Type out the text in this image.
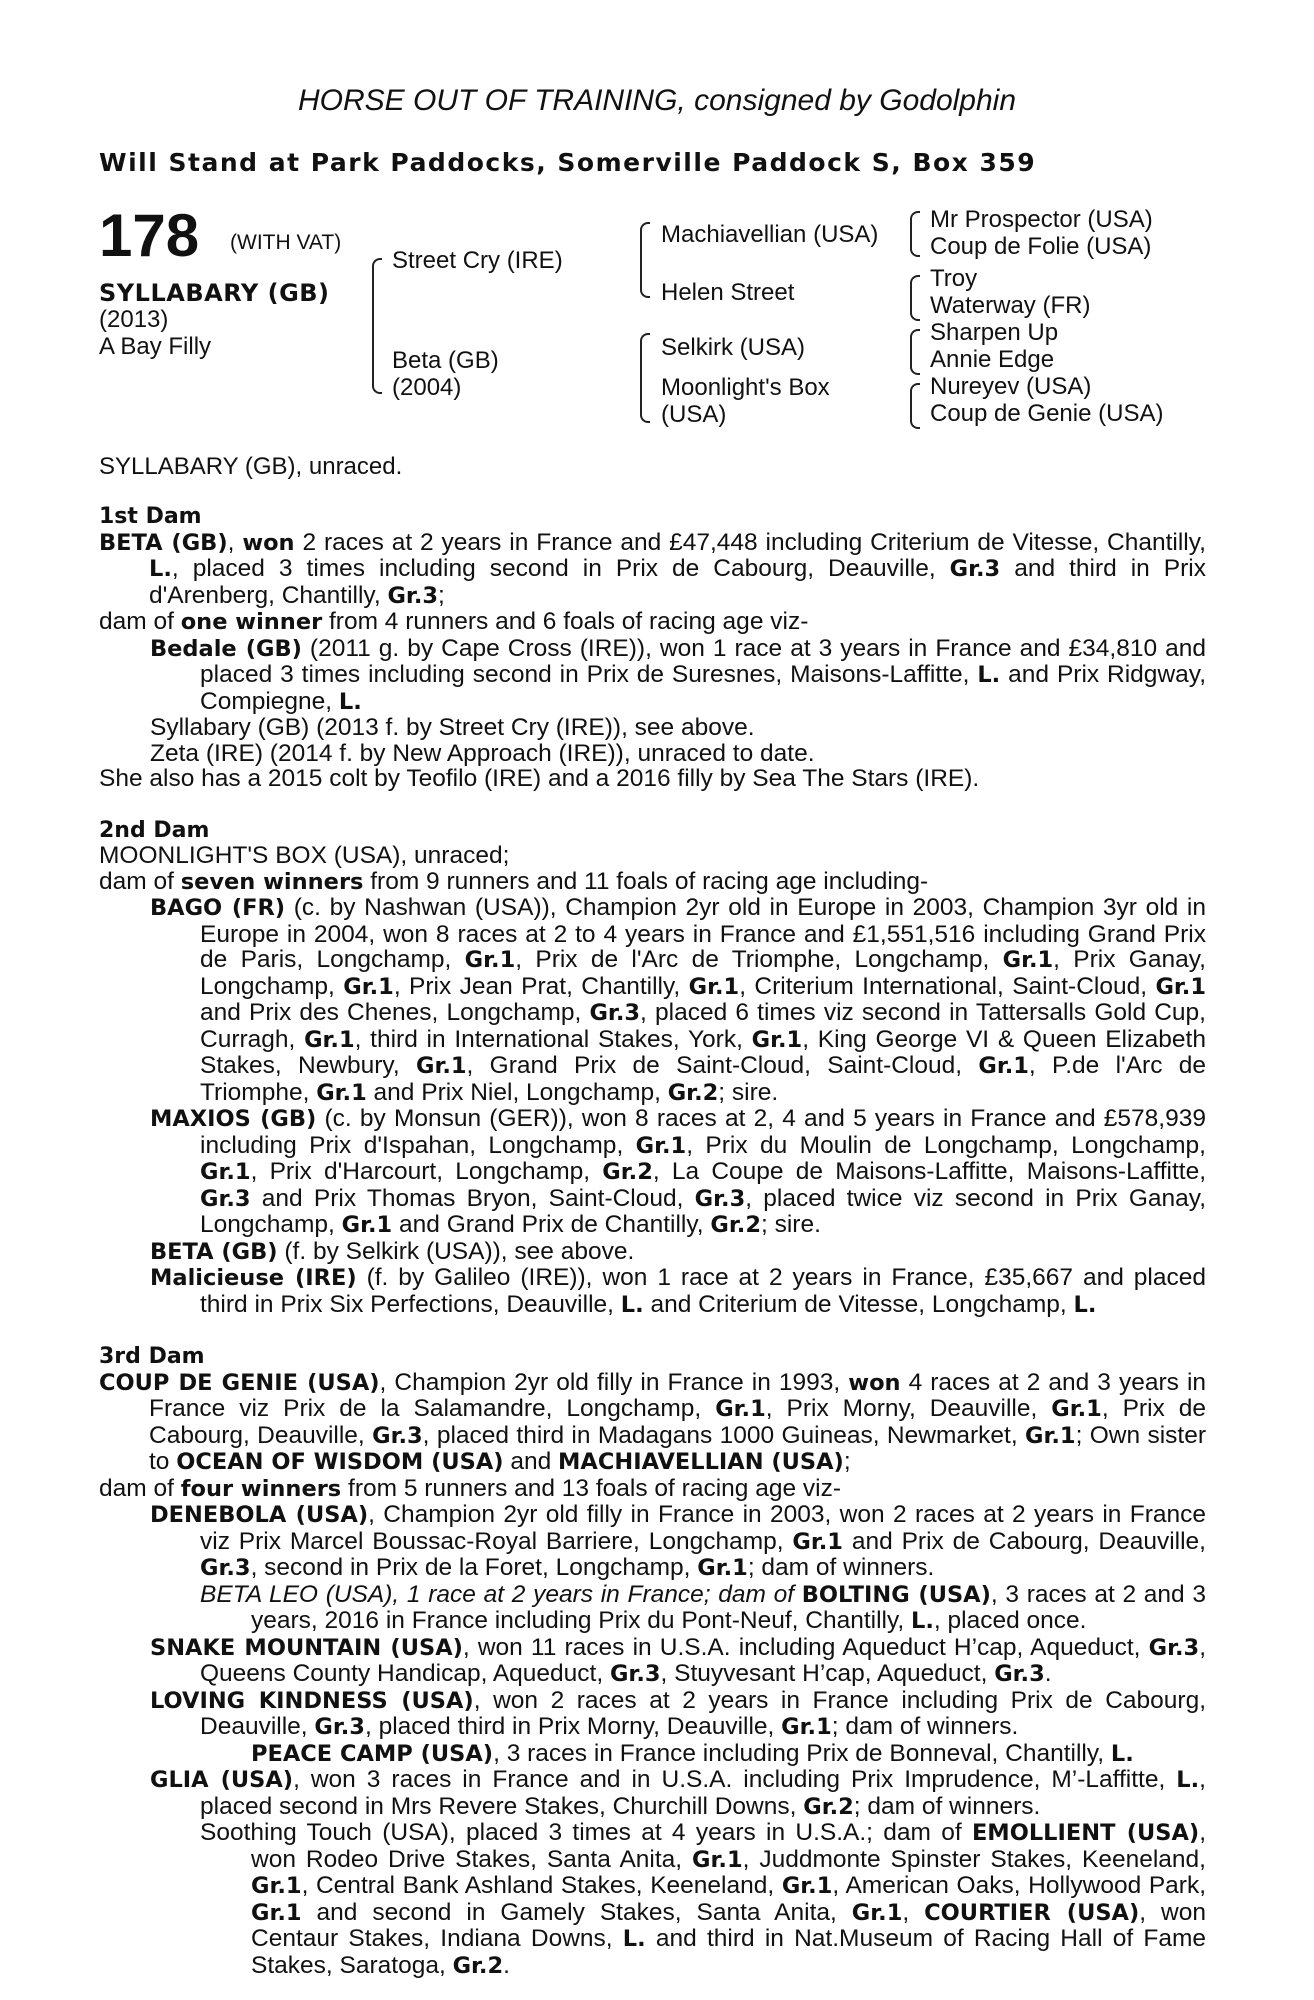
HORSE OUT OF TRAINING, consigned by Godolphin
Will Stand at Park Paddocks, Somerville Paddock S, Box 359
178 (WITH VAT)
SYLLABARY (GB)
(2013)
A Bay Filly
Street Cry (IRE)
Beta (GB)
(2004)
Machiavellian (USA)
Helen Street
Selkirk (USA)
Moonlight's Box
(USA)
Mr Prospector (USA)
Coup de Folie (USA)
Troy
Waterway (FR)
Sharpen Up
Annie Edge
Nureyev (USA)
Coup de Genie (USA)
SYLLABARY (GB), unraced.
1st Dam
BETA (GB), won 2 races at 2 years in France and £47,448 including Criterium de Vitesse, Chantilly, L., placed 3 times including second in Prix de Cabourg, Deauville, Gr.3 and third in Prix d'Arenberg, Chantilly, Gr.3;
dam of one winner from 4 runners and 6 foals of racing age viz-
Bedale (GB) (2011 g. by Cape Cross (IRE)), won 1 race at 3 years in France and £34,810 and placed 3 times including second in Prix de Suresnes, Maisons-Laffitte, L. and Prix Ridgway, Compiegne, L.
Syllabary (GB) (2013 f. by Street Cry (IRE)), see above.
Zeta (IRE) (2014 f. by New Approach (IRE)), unraced to date.
She also has a 2015 colt by Teofilo (IRE) and a 2016 filly by Sea The Stars (IRE).
2nd Dam
MOONLIGHT'S BOX (USA), unraced;
dam of seven winners from 9 runners and 11 foals of racing age including-
BAGO (FR) (c. by Nashwan (USA)), Champion 2yr old in Europe in 2003, Champion 3yr old in Europe in 2004, won 8 races at 2 to 4 years in France and £1,551,516 including Grand Prix de Paris, Longchamp, Gr.1, Prix de l'Arc de Triomphe, Longchamp, Gr.1, Prix Ganay, Longchamp, Gr.1, Prix Jean Prat, Chantilly, Gr.1, Criterium International, Saint-Cloud, Gr.1 and Prix des Chenes, Longchamp, Gr.3, placed 6 times viz second in Tattersalls Gold Cup, Curragh, Gr.1, third in International Stakes, York, Gr.1, King George VI & Queen Elizabeth Stakes, Newbury, Gr.1, Grand Prix de Saint-Cloud, Saint-Cloud, Gr.1, P.de l'Arc de Triomphe, Gr.1 and Prix Niel, Longchamp, Gr.2; sire.
MAXIOS (GB) (c. by Monsun (GER)), won 8 races at 2, 4 and 5 years in France and £578,939 including Prix d'Ispahan, Longchamp, Gr.1, Prix du Moulin de Longchamp, Longchamp, Gr.1, Prix d'Harcourt, Longchamp, Gr.2, La Coupe de Maisons-Laffitte, Maisons-Laffitte, Gr.3 and Prix Thomas Bryon, Saint-Cloud, Gr.3, placed twice viz second in Prix Ganay, Longchamp, Gr.1 and Grand Prix de Chantilly, Gr.2; sire.
BETA (GB) (f. by Selkirk (USA)), see above.
Malicieuse (IRE) (f. by Galileo (IRE)), won 1 race at 2 years in France, £35,667 and placed third in Prix Six Perfections, Deauville, L. and Criterium de Vitesse, Longchamp, L.
3rd Dam
COUP DE GENIE (USA), Champion 2yr old filly in France in 1993, won 4 races at 2 and 3 years in France viz Prix de la Salamandre, Longchamp, Gr.1, Prix Morny, Deauville, Gr.1, Prix de Cabourg, Deauville, Gr.3, placed third in Madagans 1000 Guineas, Newmarket, Gr.1; Own sister to OCEAN OF WISDOM (USA) and MACHIAVELLIAN (USA);
dam of four winners from 5 runners and 13 foals of racing age viz-
DENEBOLA (USA), Champion 2yr old filly in France in 2003, won 2 races at 2 years in France viz Prix Marcel Boussac-Royal Barriere, Longchamp, Gr.1 and Prix de Cabourg, Deauville, Gr.3, second in Prix de la Foret, Longchamp, Gr.1; dam of winners.
BETA LEO (USA), 1 race at 2 years in France; dam of BOLTING (USA), 3 races at 2 and 3 years, 2016 in France including Prix du Pont-Neuf, Chantilly, L., placed once.
SNAKE MOUNTAIN (USA), won 11 races in U.S.A. including Aqueduct H’cap, Aqueduct, Gr.3, Queens County Handicap, Aqueduct, Gr.3, Stuyvesant H’cap, Aqueduct, Gr.3.
LOVING KINDNESS (USA), won 2 races at 2 years in France including Prix de Cabourg, Deauville, Gr.3, placed third in Prix Morny, Deauville, Gr.1; dam of winners.
PEACE CAMP (USA), 3 races in France including Prix de Bonneval, Chantilly, L.
GLIA (USA), won 3 races in France and in U.S.A. including Prix Imprudence, M’-Laffitte, L., placed second in Mrs Revere Stakes, Churchill Downs, Gr.2; dam of winners.
Soothing Touch (USA), placed 3 times at 4 years in U.S.A.; dam of EMOLLIENT (USA), won Rodeo Drive Stakes, Santa Anita, Gr.1, Juddmonte Spinster Stakes, Keeneland, Gr.1, Central Bank Ashland Stakes, Keeneland, Gr.1, American Oaks, Hollywood Park, Gr.1 and second in Gamely Stakes, Santa Anita, Gr.1, COURTIER (USA), won Centaur Stakes, Indiana Downs, L. and third in Nat.Museum of Racing Hall of Fame Stakes, Saratoga, Gr.2.
